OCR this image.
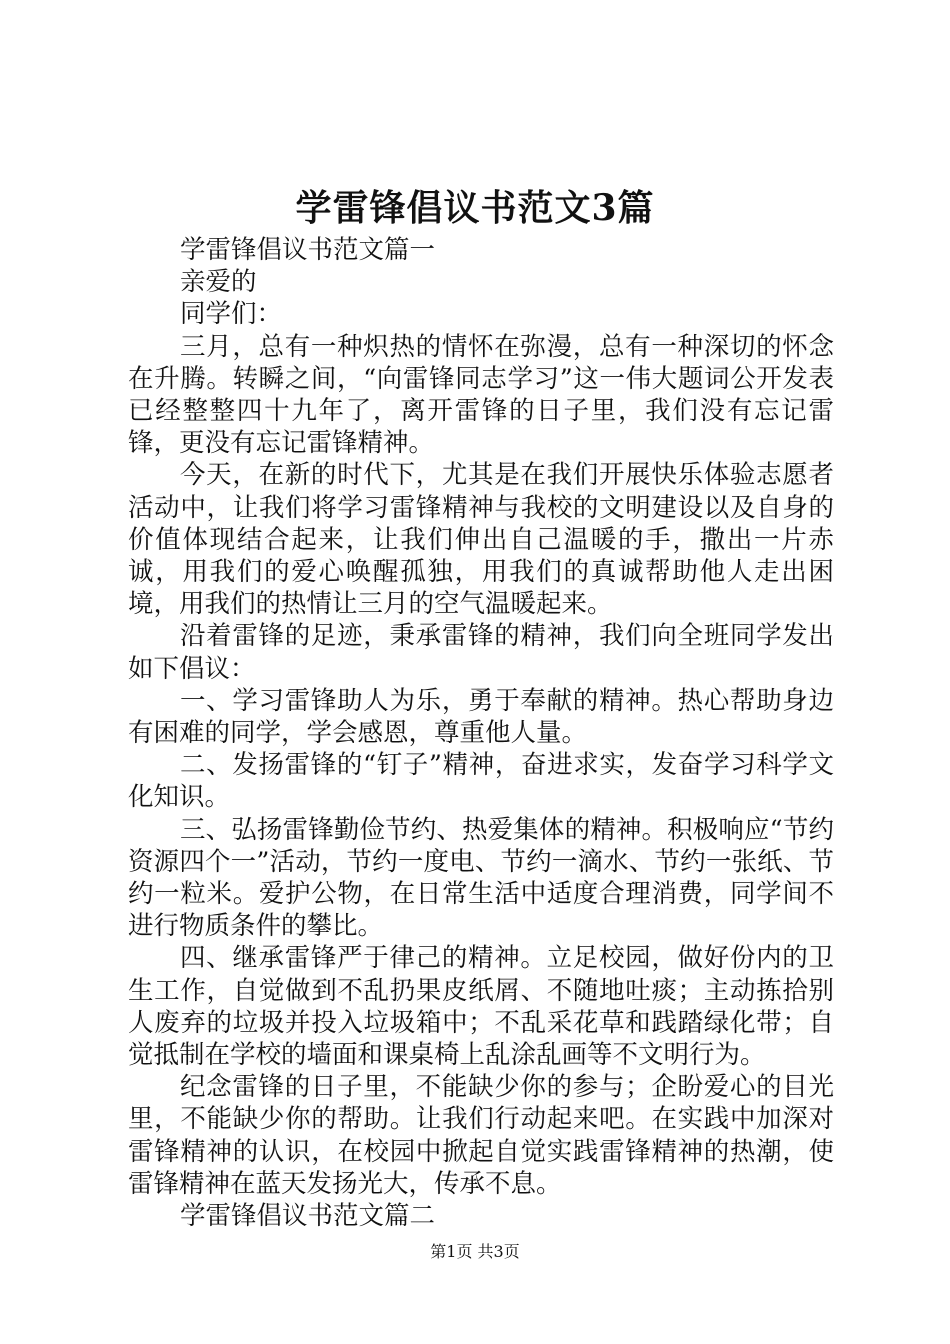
学雷锋倡议书范文3篇

学雷锋倡议书范文篇一

亲爱的

同学们：

三月，总有一种炽热的情怀在弥漫，总有一种深切的怀念在升腾。转瞬之间，“向雷锋同志学习”这一伟大题词公开发表已经整整四十九年了，离开雷锋的日子里，我们没有忘记雷锋，更没有忘记雷锋精神。

今天，在新的时代下，尤其是在我们开展快乐体验志愿者活动中，让我们将学习雷锋精神与我校的文明建设以及自身的价值体现结合起来，让我们伸出自己温暖的手，撒出一片赤诚，用我们的爱心唤醒孤独，用我们的真诚帮助他人走出困境，用我们的热情让三月的空气温暖起来。

沿着雷锋的足迹，秉承雷锋的精神，我们向全班同学发出如下倡议：

一、学习雷锋助人为乐，勇于奉献的精神。热心帮助身边有困难的同学，学会感恩，尊重他人量。

二、发扬雷锋的“钉子”精神，奋进求实，发奋学习科学文化知识。

三、弘扬雷锋勤俭节约、热爱集体的精神。积极响应“节约资源四个一”活动，节约一度电、节约一滴水、节约一张纸、节约一粒米。爱护公物，在日常生活中适度合理消费，同学间不进行物质条件的攀比。

四、继承雷锋严于律己的精神。立足校园，做好份内的卫生工作，自觉做到不乱扔果皮纸屑、不随地吐痰；主动拣拾别人废弃的垃圾并投入垃圾箱中；不乱采花草和践踏绿化带；自觉抵制在学校的墙面和课桌椅上乱涂乱画等不文明行为。

纪念雷锋的日子里，不能缺少你的参与；企盼爱心的目光里，不能缺少你的帮助。让我们行动起来吧。在实践中加深对雷锋精神的认识，在校园中掀起自觉实践雷锋精神的热潮，使雷锋精神在蓝天发扬光大，传承不息。

学雷锋倡议书范文篇二

第1页 共3页
